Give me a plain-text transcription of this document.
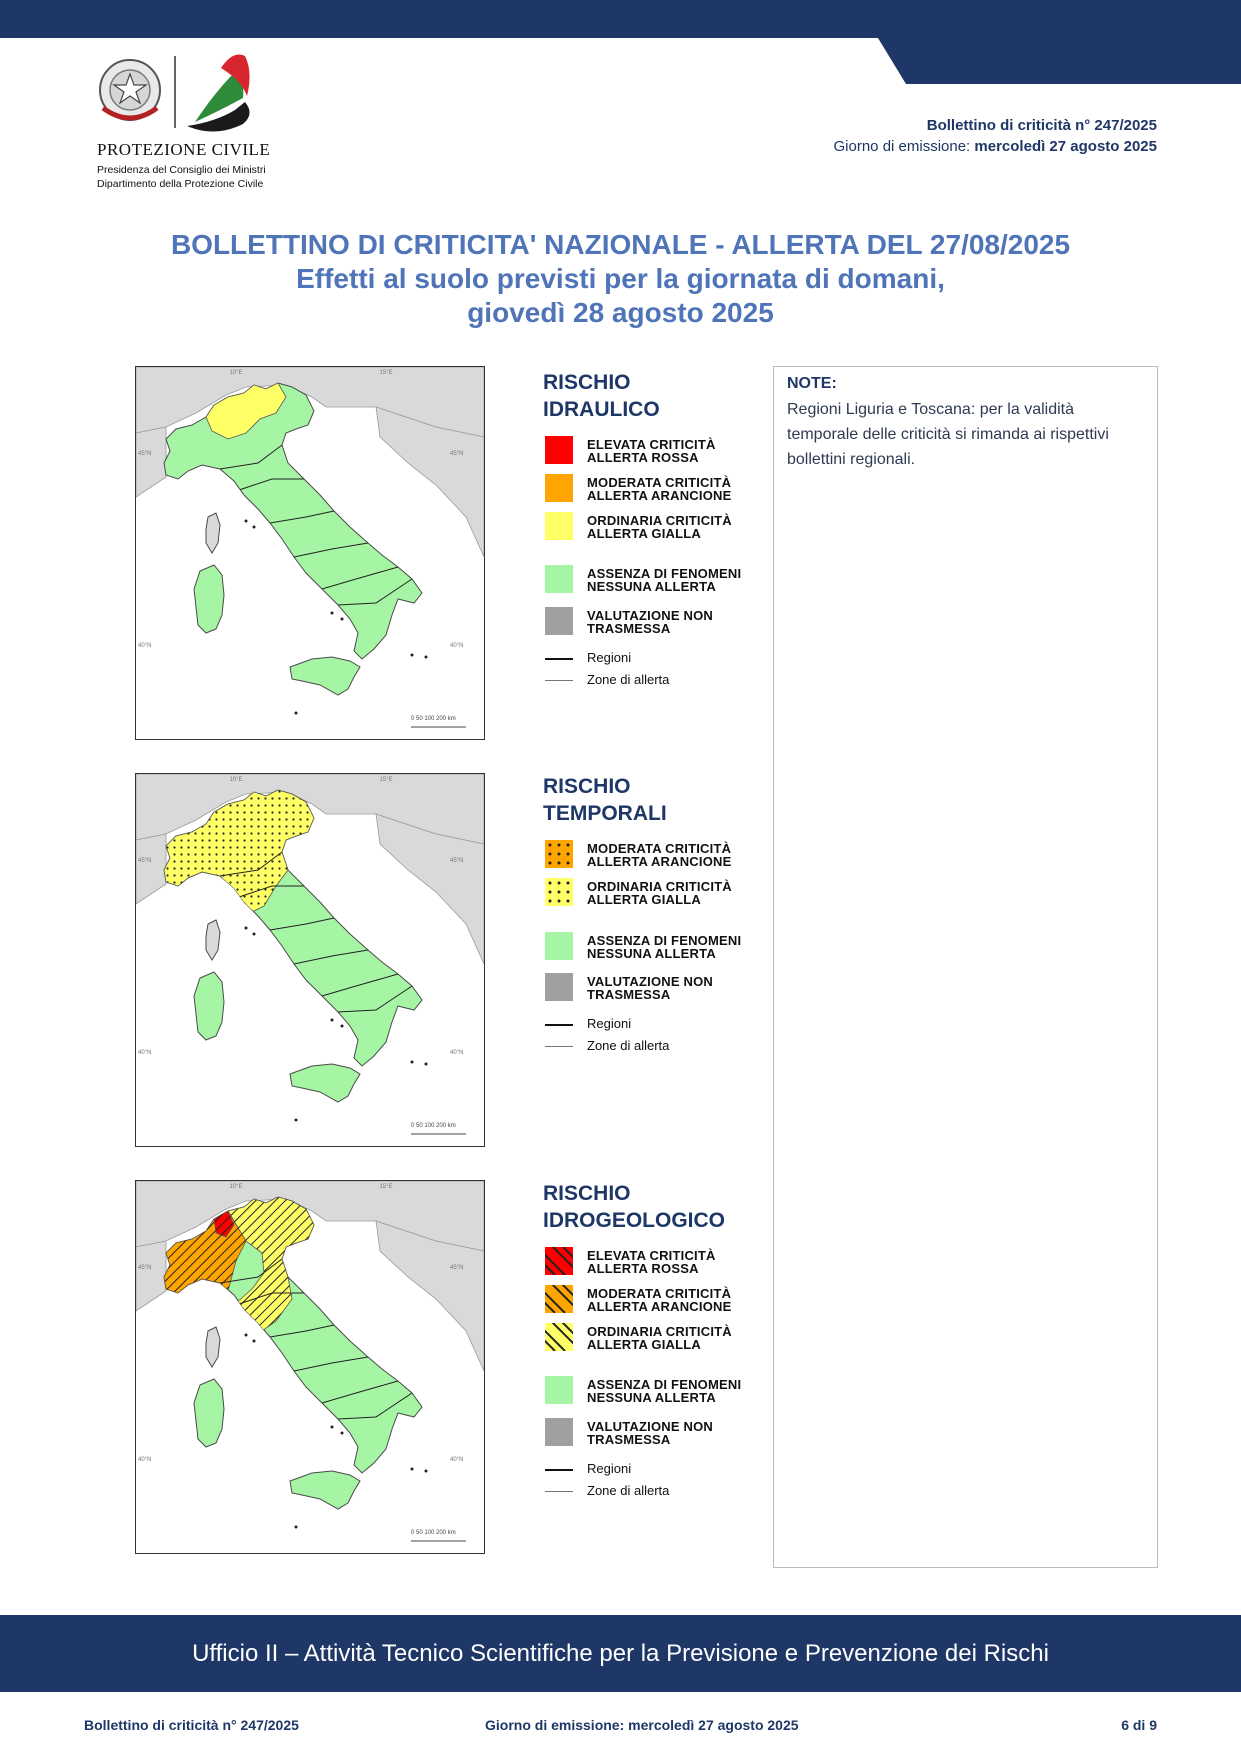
PROTEZIONE CIVILE
Presidenza del Consiglio dei Ministri
Dipartimento della Protezione Civile
Bollettino di criticità n° 247/2025
Giorno di emissione: mercoledì 27 agosto 2025
BOLLETTINO DI CRITICITA' NAZIONALE - ALLERTA DEL 27/08/2025
Effetti al suolo previsti per la giornata di domani,
giovedì 28 agosto 2025
10°E	15°E
45°N	45°N
40°N	40°N
0 50 100 200 km
10°E	15°E
45°N	45°N
40°N	40°N
0 50 100 200 km
10°E	15°E
45°N	45°N
40°N	40°N
0 50 100 200 km
RISCHIO
IDRAULICO
ELEVATA CRITICITÀ
ALLERTA ROSSA
MODERATA CRITICITÀ
ALLERTA ARANCIONE
ORDINARIA CRITICITÀ
ALLERTA GIALLA
ASSENZA DI FENOMENI
NESSUNA ALLERTA
VALUTAZIONE NON
TRASMESSA
Regioni
Zone di allerta
RISCHIO
TEMPORALI
MODERATA CRITICITÀ
ALLERTA ARANCIONE
ORDINARIA CRITICITÀ
ALLERTA GIALLA
ASSENZA DI FENOMENI
NESSUNA ALLERTA
VALUTAZIONE NON
TRASMESSA
Regioni
Zone di allerta
RISCHIO
IDROGEOLOGICO
ELEVATA CRITICITÀ
ALLERTA ROSSA
MODERATA CRITICITÀ
ALLERTA ARANCIONE
ORDINARIA CRITICITÀ
ALLERTA GIALLA
ASSENZA DI FENOMENI
NESSUNA ALLERTA
VALUTAZIONE NON
TRASMESSA
Regioni
Zone di allerta
NOTE:
Regioni Liguria e Toscana: per la validità temporale delle criticità si rimanda ai rispettivi bollettini regionali.
Ufficio II – Attività Tecnico Scientifiche per la Previsione e Prevenzione dei Rischi
Bollettino di criticità n° 247/2025	Giorno di emissione: mercoledì 27 agosto 2025	6 di 9
